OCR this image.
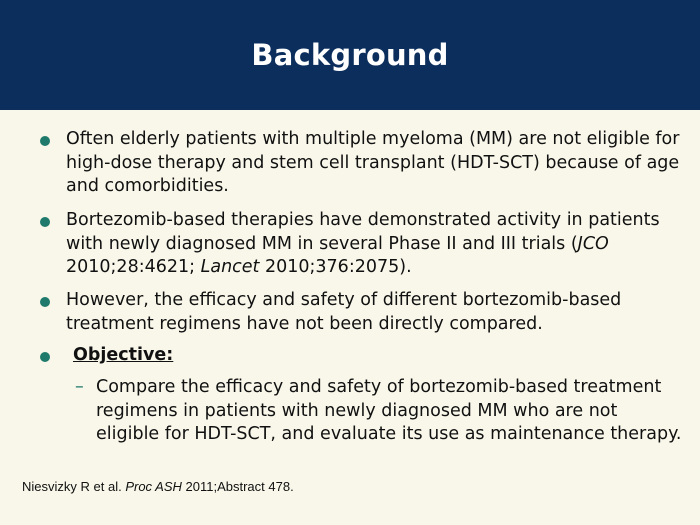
Background
Often elderly patients with multiple myeloma (MM) are not eligible for high-dose therapy and stem cell transplant (HDT-SCT) because of age and comorbidities.
Bortezomib-based therapies have demonstrated activity in patients with newly diagnosed MM in several Phase II and III trials (JCO 2010;28:4621; Lancet 2010;376:2075).
However, the efficacy and safety of different bortezomib-based treatment regimens have not been directly compared.
Objective:
– Compare the efficacy and safety of bortezomib-based treatment regimens in patients with newly diagnosed MM who are not eligible for HDT-SCT, and evaluate its use as maintenance therapy.
Niesvizky R et al. Proc ASH 2011;Abstract 478.
